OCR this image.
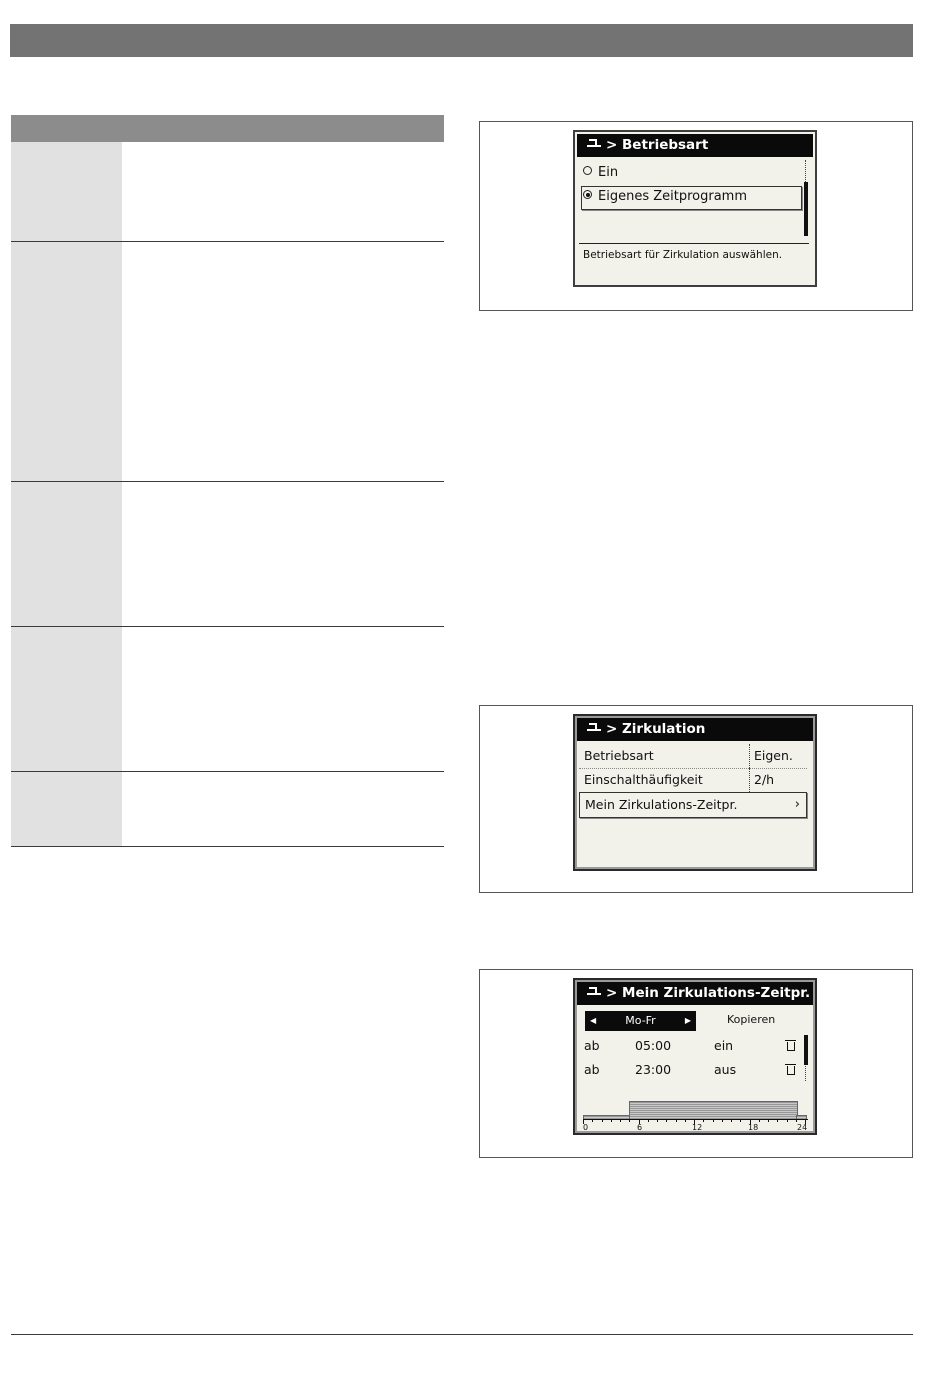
> Betriebsart
Ein
Eigenes Zeitprogramm
Betriebsart für Zirkulation auswählen.
> Zirkulation
Betriebsart	Eigen.
Einschalthäufigkeit	2/h
Mein Zirkulations-Zeitpr.	›
> Mein Zirkulations-Zeitpr.
◀	Mo-Fr	▶	Kopieren
ab	05:00	ein
ab	23:00	aus
0	6	12	18	24
